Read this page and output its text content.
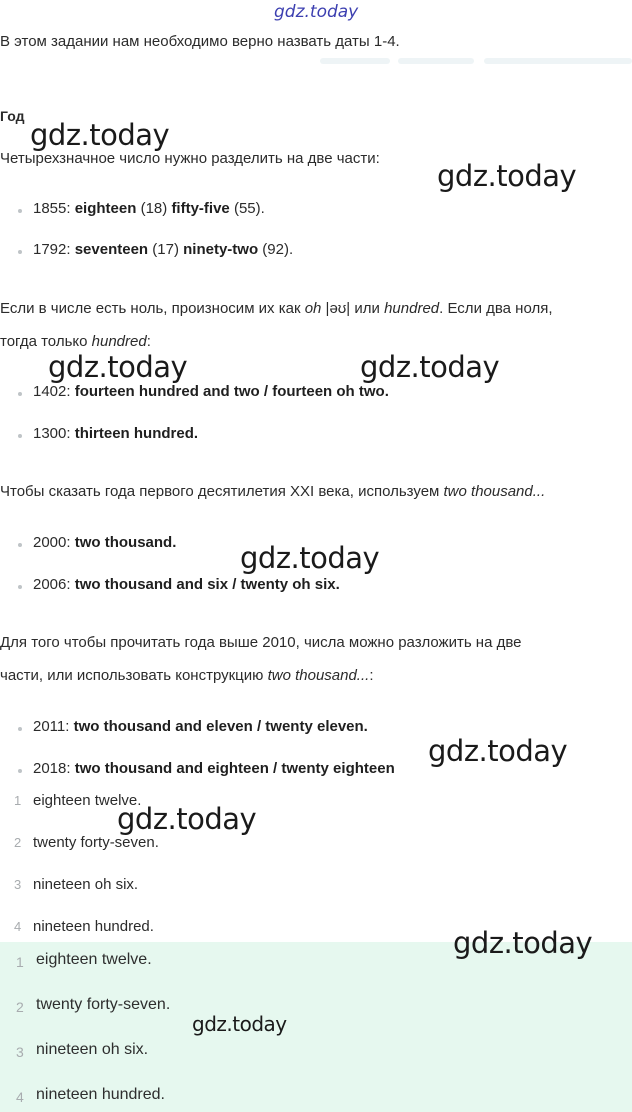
gdz.today
В этом задании нам необходимо верно назвать даты 1-4.
Год
Четырехзначное число нужно разделить на две части:
1855: eighteen (18) fifty-five (55).
1792: seventeen (17) ninety-two (92).
Если в числе есть ноль, произносим их как oh |əʊ| или hundred. Если два ноля,
тогда только hundred:
1402: fourteen hundred and two / fourteen oh two.
1300: thirteen hundred.
Чтобы сказать года первого десятилетия XXI века, используем two thousand...
2000: two thousand.
2006: two thousand and six / twenty oh six.
Для того чтобы прочитать года выше 2010, числа можно разложить на две
части, или использовать конструкцию two thousand...:
2011: two thousand and eleven / twenty eleven.
2018: two thousand and eighteen / twenty eighteen
1 eighteen twelve.
2 twenty forty-seven.
3 nineteen oh six.
4 nineteen hundred.
1 eighteen twelve.
2 twenty forty-seven.
3 nineteen oh six.
4 nineteen hundred.
gdz.today
gdz.today
gdz.today	gdz.today
gdz.today
gdz.today
gdz.today
gdz.today
gdz.today
